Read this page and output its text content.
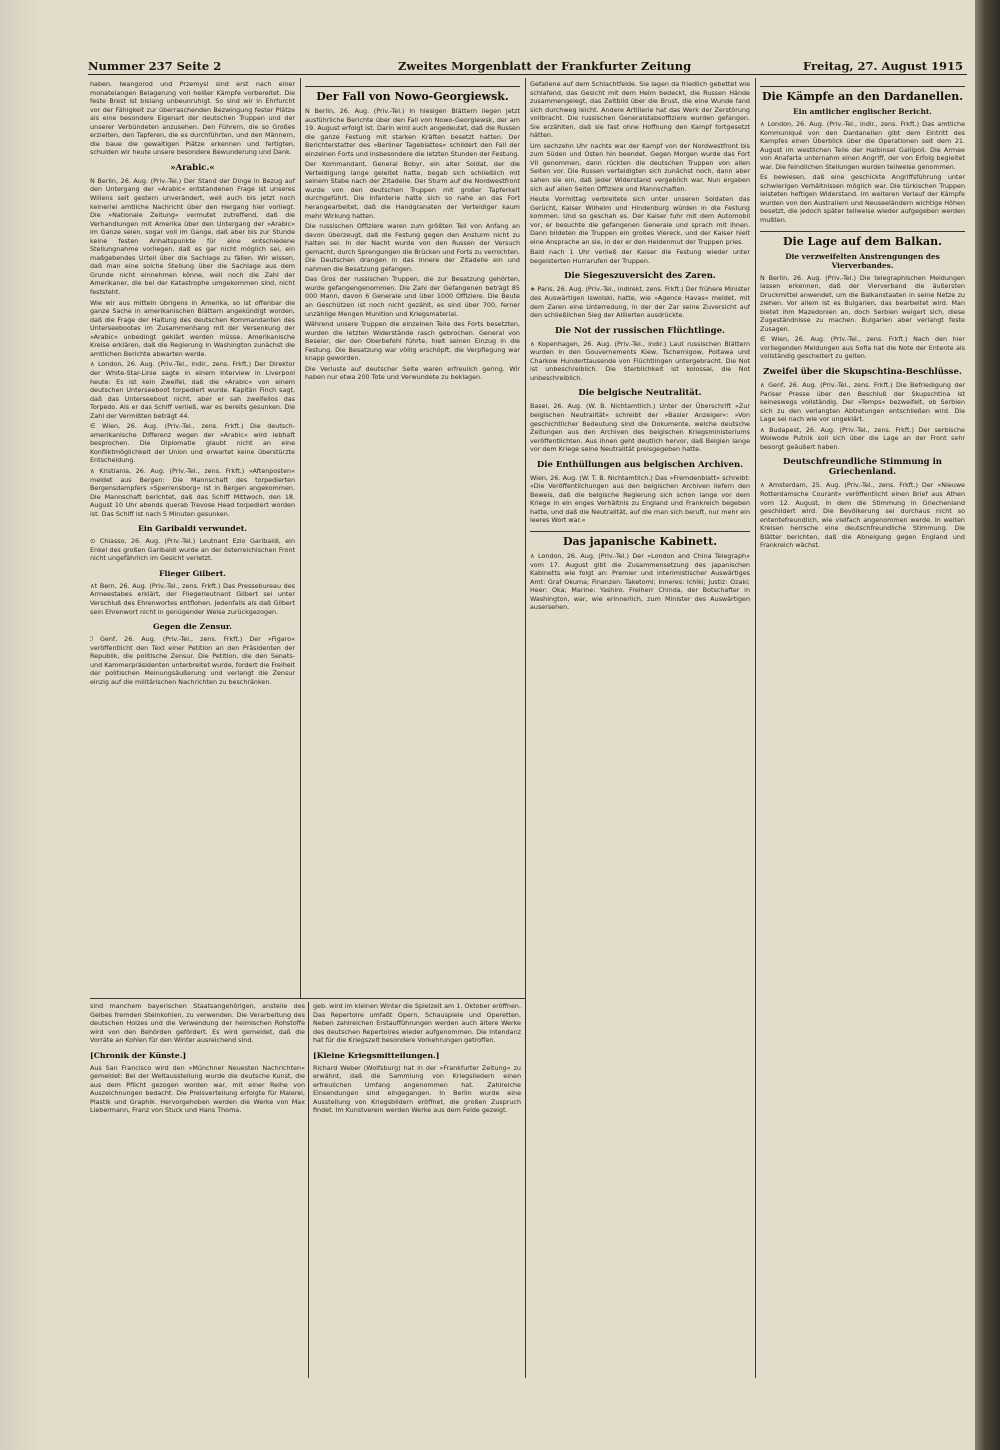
Nummer 237 Seite 2	Zweites Morgenblatt der Frankfurter Zeitung	Freitag, 27. August 1915

haben. Iwangorod und Przemysl sind erst nach einer monatelangen Belagerung voll heißer Kämpfe vorbereitet. Die feste Brest ist bislang unbeunruhigt. So sind wir in Ehrfurcht vor der Fähigkeit zur überraschenden Bezwingung fester Plätze als eine besondere Eigenart der deutschen Truppen und der unserer Verbündeten anzusehen. Den Führern, die so Großes erzielten, den Tapferen, die es durchführten, und den Männern, die baue die gewaltigen Plätze erkennen und fertigten, schulden wir heute unsere besondere Bewunderung und Dank.

»Arabic.«

N Berlin, 26. Aug. (Priv.-Tel.) Der Stand der Dinge in Bezug auf den Untergang der »Arabic« entstandenen Frage ist unseres Willens seit gestern unverändert, weil auch bis jetzt noch keinerlei amtliche Nachricht über den Hergang hier vorliegt. Die »Nationale Zeitung« vermutet zutreffend, daß die Verhandlungen mit Amerika über den Untergang der »Arabic« im Ganze seien, sogar voll im Gange, daß aber bis zur Stunde keine festen Anhaltspunkte für eine entschiedene Stellungnahme vorliegen, daß es gar nicht möglich sei, ein maßgebendes Urteil über die Sachlage zu fällen. Wir wissen, daß man eine solche Stellung über die Sachlage aus dem Grunde nicht einnehmen könne, weil noch die Zahl der Amerikaner, die bei der Katastrophe umgekommen sind, nicht feststeht.

Wie wir aus mitteln übrigens in Amerika, so ist offenbar die ganze Sache in amerikanischen Blättern angekündigt worden, daß die Frage der Haltung des deutschen Kommandanten des Unterseebootes im Zusammenhang mit der Versenkung der »Arabic« unbedingt geklärt werden müsse. Amerikanische Kreise erklären, daß die Regierung in Washington zunächst die amtlichen Berichte abwarten werde.

∧ London, 26. Aug. (Priv.-Tel., indir., zens. Frkft.) Der Direktor der White-Star-Linie sagte in einem Interview in Liverpool heute: Es ist kein Zweifel, daß die »Arabic« von einem deutschen Unterseeboot torpediert wurde. Kapitän Finch sagt, daß das Unterseeboot nicht, aber er sah zweifellos das Torpedo. Als er das Schiff verließ, war es bereits gesunken. Die Zahl der Vermißten beträgt 44.

∈ Wien, 26. Aug. (Priv.-Tel., zens. Frkft.) Die deutsch-amerikanische Differenz wegen der »Arabic« wird lebhaft besprochen. Die Diplomatie glaubt nicht an eine Konfliktmöglichkeit der Union und erwartet keine überstürzte Entscheidung.

∧ Kristiania, 26. Aug. (Priv.-Tel., zens. Frkft.) »Aftenposten« meldet aus Bergen: Die Mannschaft des torpedierten Bergensdampfers »Sperrensborg« ist in Bergen angekommen. Die Mannschaft berichtet, daß das Schiff Mittwoch, den 18. August 10 Uhr abends querab Trevose Head torpediert worden ist. Das Schiff ist nach 5 Minuten gesunken.

Ein Garibaldi verwundet.

⊙ Chiasso, 26. Aug. (Priv.-Tel.) Leutnant Ezio Garibaldi, ein Enkel des großen Garibaldi wurde an der österreichischen Front nicht ungefährlich im Gesicht verletzt.

Flieger Gilbert.

∧t Bern, 26. Aug. (Priv.-Tel., zens. Frkft.) Das Pressebureau des Armeestabes erklärt, der Fliegerleutnant Gilbert sei unter Verschluß des Ehrenwortes entflohen. Jedenfalls als daß Gilbert sein Ehrenwort nicht in genügender Weise zurückgezogen.

Gegen die Zensur.

ℐ Genf, 26. Aug. (Priv.-Tel., zens. Frkft.) Der »Figaro« veröffentlicht den Text einer Petition an den Präsidenten der Republik, die politische Zensur. Die Petition, die den Senats- und Kammerpräsidenten unterbreitet wurde, fordert die Freiheit der politischen Meinungsäußerung und verlangt die Zensur einzig auf die militärischen Nachrichten zu beschränken.

Der Fall von Nowo-Georgiewsk.

N Berlin, 26. Aug. (Priv.-Tel.) In hiesigen Blättern liegen jetzt ausführliche Berichte über den Fall von Nowo-Georgiewsk, der am 19. August erfolgt ist. Darin wird auch angedeutet, daß die Russen die ganze Festung mit starken Kräften besetzt hatten. Der Berichterstatter des »Berliner Tageblattes« schildert den Fall der einzelnen Forts und insbesondere die letzten Stunden der Festung.

Der Kommandant, General Bobyr, ein alter Soldat, der die Verteidigung lange geleitet hatte, begab sich schließlich mit seinem Stabe nach der Zitadelle. Der Sturm auf die Nordwestfront wurde von den deutschen Truppen mit großer Tapferkeit durchgeführt. Die Infanterie hatte sich so nahe an das Fort herangearbeitet, daß die Handgranaten der Verteidiger kaum mehr Wirkung hatten.

Die russischen Offiziere waren zum größten Teil von Anfang an davon überzeugt, daß die Festung gegen den Ansturm nicht zu halten sei. In der Nacht wurde von den Russen der Versuch gemacht, durch Sprengungen die Brücken und Forts zu vernichten. Die Deutschen drangen in das Innere der Zitadelle ein und nahmen die Besatzung gefangen.

Das Gros der russischen Truppen, die zur Besatzung gehörten, wurde gefangengenommen. Die Zahl der Gefangenen beträgt 85 000 Mann, davon 6 Generale und über 1000 Offiziere. Die Beute an Geschützen ist noch nicht gezählt, es sind über 700, ferner unzählige Mengen Munition und Kriegsmaterial.

Während unsere Truppen die einzelnen Teile des Forts besetzten, wurden die letzten Widerstände rasch gebrochen. General von Beseler, der den Oberbefehl führte, hielt seinen Einzug in die Festung. Die Besatzung war völlig erschöpft, die Verpflegung war knapp geworden.

Die Verluste auf deutscher Seite waren erfreulich gering. Wir haben nur etwa 200 Tote und Verwundete zu beklagen.

Gefallene auf dem Schlachtfelde. Sie lagen da friedlich gebettet wie schlafend, das Gesicht mit dem Helm bedeckt, die Russen Hände zusammengelegt, das Zeltbild über die Brust, die eine Wunde fand sich durchweg leicht. Andere Artillerie hat das Werk der Zerstörung vollbracht. Die russischen Generalstabsoffiziere wurden gefangen. Sie erzählten, daß sie fast ohne Hoffnung den Kampf fortgesetzt hätten.

Um sechzehn Uhr nachts war der Kampf von der Nordwestfront bis zum Süden und Osten hin beendet. Gegen Morgen wurde das Fort VII genommen, dann rückten die deutschen Truppen von allen Seiten vor. Die Russen verteidigten sich zunächst noch, dann aber sahen sie ein, daß jeder Widerstand vergeblich war. Nun ergaben sich auf allen Seiten Offiziere und Mannschaften.

Heute Vormittag verbreitete sich unter unseren Soldaten das Gerücht, Kaiser Wilhelm und Hindenburg würden in die Festung kommen. Und so geschah es. Der Kaiser fuhr mit dem Automobil vor, er besuchte die gefangenen Generale und sprach mit ihnen. Dann bildeten die Truppen ein großes Viereck, und der Kaiser hielt eine Ansprache an sie, in der er den Heldenmut der Truppen pries.

Bald nach 1 Uhr verließ der Kaiser die Festung wieder unter begeisterten Hurrarufen der Truppen.

Die Siegeszuversicht des Zaren.

∗ Paris, 26. Aug. (Priv.-Tel., indirekt, zens. Frkft.) Der frühere Minister des Auswärtigen Iswolski, hatte, wie »Agence Havas« meldet, mit dem Zaren eine Unterredung, in der der Zar seine Zuversicht auf den schließlichen Sieg der Alliierten ausdrückte.

Die Not der russischen Flüchtlinge.

∧ Kopenhagen, 26. Aug. (Priv.-Tel., indir.) Laut russischen Blättern wurden in den Gouvernements Kiew, Tschernigow, Poltawa und Charkow Hunderttausende von Flüchtlingen untergebracht. Die Not ist unbeschreiblich. Die Sterblichkeit ist kolossal, die Not unbeschreiblich.

Die belgische Neutralität.

Basel, 26. Aug. (W. B. Nichtamtlich.) Unter der Überschrift »Zur belgischen Neutralität« schreibt der »Basler Anzeiger«: »Von geschichtlicher Bedeutung sind die Dokumente, welche deutsche Zeitungen aus den Archiven des belgischen Kriegsministeriums veröffentlichten. Aus ihnen geht deutlich hervor, daß Belgien lange vor dem Kriege seine Neutralität preisgegeben hatte.

Die Enthüllungen aus belgischen Archiven.

Wien, 26. Aug. (W. T. B. Nichtamtlich.) Das »Fremdenblatt« schreibt: »Die Veröffentlichungen aus den belgischen Archiven liefern den Beweis, daß die belgische Regierung sich schon lange vor dem Kriege in ein enges Verhältnis zu England und Frankreich begeben hatte, und daß die Neutralität, auf die man sich beruft, nur mehr ein leeres Wort war.«

Das japanische Kabinett.

∧ London, 26. Aug. (Priv.-Tel.) Der »London and China Telegraph« vom 17. August gibt die Zusammensetzung des japanischen Kabinetts wie folgt an: Premier und interimistischer Auswärtiges Amt: Graf Okuma; Finanzen: Taketomi; Inneres: Ichiki; Justiz: Ozaki; Heer: Oka; Marine: Yashiro. Freiherr Chinda, der Botschafter in Washington, war, wie erinnerlich, zum Minister des Auswärtigen ausersehen.

Die Kämpfe an den Dardanellen.
Ein amtlicher englischer Bericht.

∧ London, 26. Aug. (Priv.-Tel., indir., zens. Frkft.) Das amtliche Kommuniqué von den Dardanellen gibt dem Eintritt des Kampfes einen Überblick über die Operationen seit dem 21. August im westlichen Teile der Halbinsel Gallipoli. Die Armee von Anafarta unternahm einen Angriff, der von Erfolg begleitet war. Die feindlichen Stellungen wurden teilweise genommen.

Es bewiesen, daß eine geschickte Angriffsführung unter schwierigen Verhältnissen möglich war. Die türkischen Truppen leisteten heftigen Widerstand. Im weiteren Verlauf der Kämpfe wurden von den Australiern und Neuseeländern wichtige Höhen besetzt, die jedoch später teilweise wieder aufgegeben werden mußten.

Die Lage auf dem Balkan.
Die verzweifelten Anstrengungen des Vierverbandes.

N Berlin, 26. Aug. (Priv.-Tel.) Die telegraphischen Meldungen lassen erkennen, daß der Vierverband die äußersten Druckmittel anwendet, um die Balkanstaaten in seine Netze zu ziehen. Vor allem ist es Bulgarien, das bearbeitet wird. Man bietet ihm Mazedonien an, doch Serbien weigert sich, diese Zugeständnisse zu machen. Bulgarien aber verlangt feste Zusagen.

∈ Wien, 26. Aug. (Priv.-Tel., zens. Frkft.) Nach den hier vorliegenden Meldungen aus Sofia hat die Note der Entente als vollständig gescheitert zu gelten.

Zweifel über die Skupschtina-Beschlüsse.

∧ Genf, 26. Aug. (Priv.-Tel., zens. Frkft.) Die Befriedigung der Pariser Presse über den Beschluß der Skupschtina ist keineswegs vollständig. Der »Temps« bezweifelt, ob Serbien sich zu den verlangten Abtretungen entschließen wird. Die Lage sei nach wie vor ungeklärt.

∧ Budapest, 26. Aug. (Priv.-Tel., zens. Frkft.) Der serbische Woiwode Putnik soll sich über die Lage an der Front sehr besorgt geäußert haben.

Deutschfreundliche Stimmung in Griechenland.

∧ Amsterdam, 25. Aug. (Priv.-Tel., zens. Frkft.) Der »Nieuwe Rotterdamsche Courant« veröffentlicht einen Brief aus Athen vom 12. August, in dem die Stimmung in Griechenland geschildert wird. Die Bevölkerung sei durchaus nicht so ententefreundlich, wie vielfach angenommen werde. In weiten Kreisen herrsche eine deutschfreundliche Stimmung. Die Blätter berichten, daß die Abneigung gegen England und Frankreich wächst.

sind manchem bayerischen Staatsangehörigen, anstelle des Gelbes fremden Steinkohlen, zu verwenden. Die Verarbeitung des deutschen Holzes und die Verwendung der heimischen Rohstoffe wird von den Behörden gefördert. Es wird gemeldet, daß die Vorräte an Kohlen für den Winter ausreichend sind.

[Chronik der Künste.]

Aus San Francisco wird den »Münchner Neuesten Nachrichten« gemeldet: Bei der Weltausstellung wurde die deutsche Kunst, die aus dem Pflicht gezogen worden war, mit einer Reihe von Auszeichnungen bedacht. Die Preisverteilung erfolgte für Malerei, Plastik und Graphik. Hervorgehoben werden die Werke von Max Liebermann, Franz von Stuck und Hans Thoma.

geb. wird im kleinen Winter die Spielzeit am 1. Oktober eröffnen. Das Repertoire umfaßt Opern, Schauspiele und Operetten. Neben zahlreichen Erstaufführungen werden auch ältere Werke des deutschen Repertoires wieder aufgenommen. Die Intendanz hat für die Kriegszeit besondere Vorkehrungen getroffen.

[Kleine Kriegsmitteilungen.]

Richard Weber (Wolfsburg) hat in der »Frankfurter Zeitung« zu erwähnt, daß die Sammlung von Kriegsliedern einen erfreulichen Umfang angenommen hat. Zahlreiche Einsendungen sind eingegangen. In Berlin wurde eine Ausstellung von Kriegsbildern eröffnet, die großen Zuspruch findet. Im Kunstverein werden Werke aus dem Felde gezeigt.
